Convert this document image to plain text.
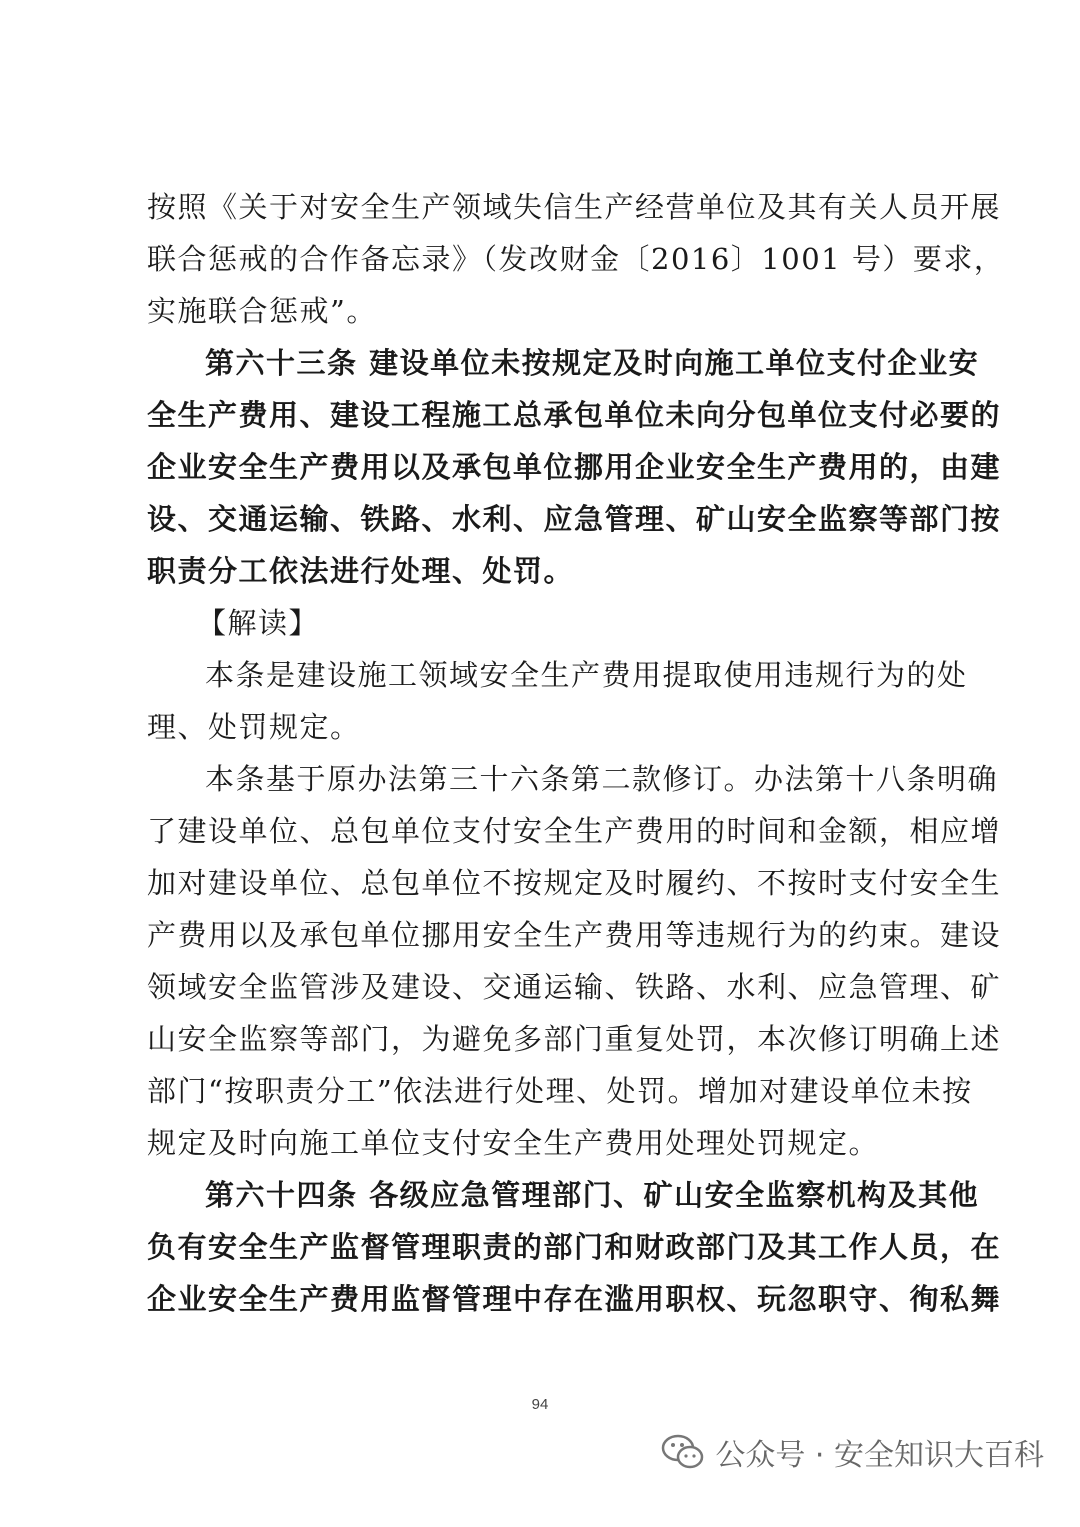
按照《关于对安全生产领域失信生产经营单位及其有关人员开展
联合惩戒的合作备忘录》（发改财金〔2016〕1001 号）要求，
实施联合惩戒”。
第六十三条 建设单位未按规定及时向施工单位支付企业安
全生产费用、建设工程施工总承包单位未向分包单位支付必要的
企业安全生产费用以及承包单位挪用企业安全生产费用的，由建
设、交通运输、铁路、水利、应急管理、矿山安全监察等部门按
职责分工依法进行处理、处罚。
【解读】
本条是建设施工领域安全生产费用提取使用违规行为的处
理、处罚规定。
本条基于原办法第三十六条第二款修订。办法第十八条明确
了建设单位、总包单位支付安全生产费用的时间和金额，相应增
加对建设单位、总包单位不按规定及时履约、不按时支付安全生
产费用以及承包单位挪用安全生产费用等违规行为的约束。建设
领域安全监管涉及建设、交通运输、铁路、水利、应急管理、矿
山安全监察等部门，为避免多部门重复处罚，本次修订明确上述
部门“按职责分工”依法进行处理、处罚。增加对建设单位未按
规定及时向施工单位支付安全生产费用处理处罚规定。
第六十四条 各级应急管理部门、矿山安全监察机构及其他
负有安全生产监督管理职责的部门和财政部门及其工作人员，在
企业安全生产费用监督管理中存在滥用职权、玩忽职守、徇私舞
94
公众号 · 安全知识大百科
